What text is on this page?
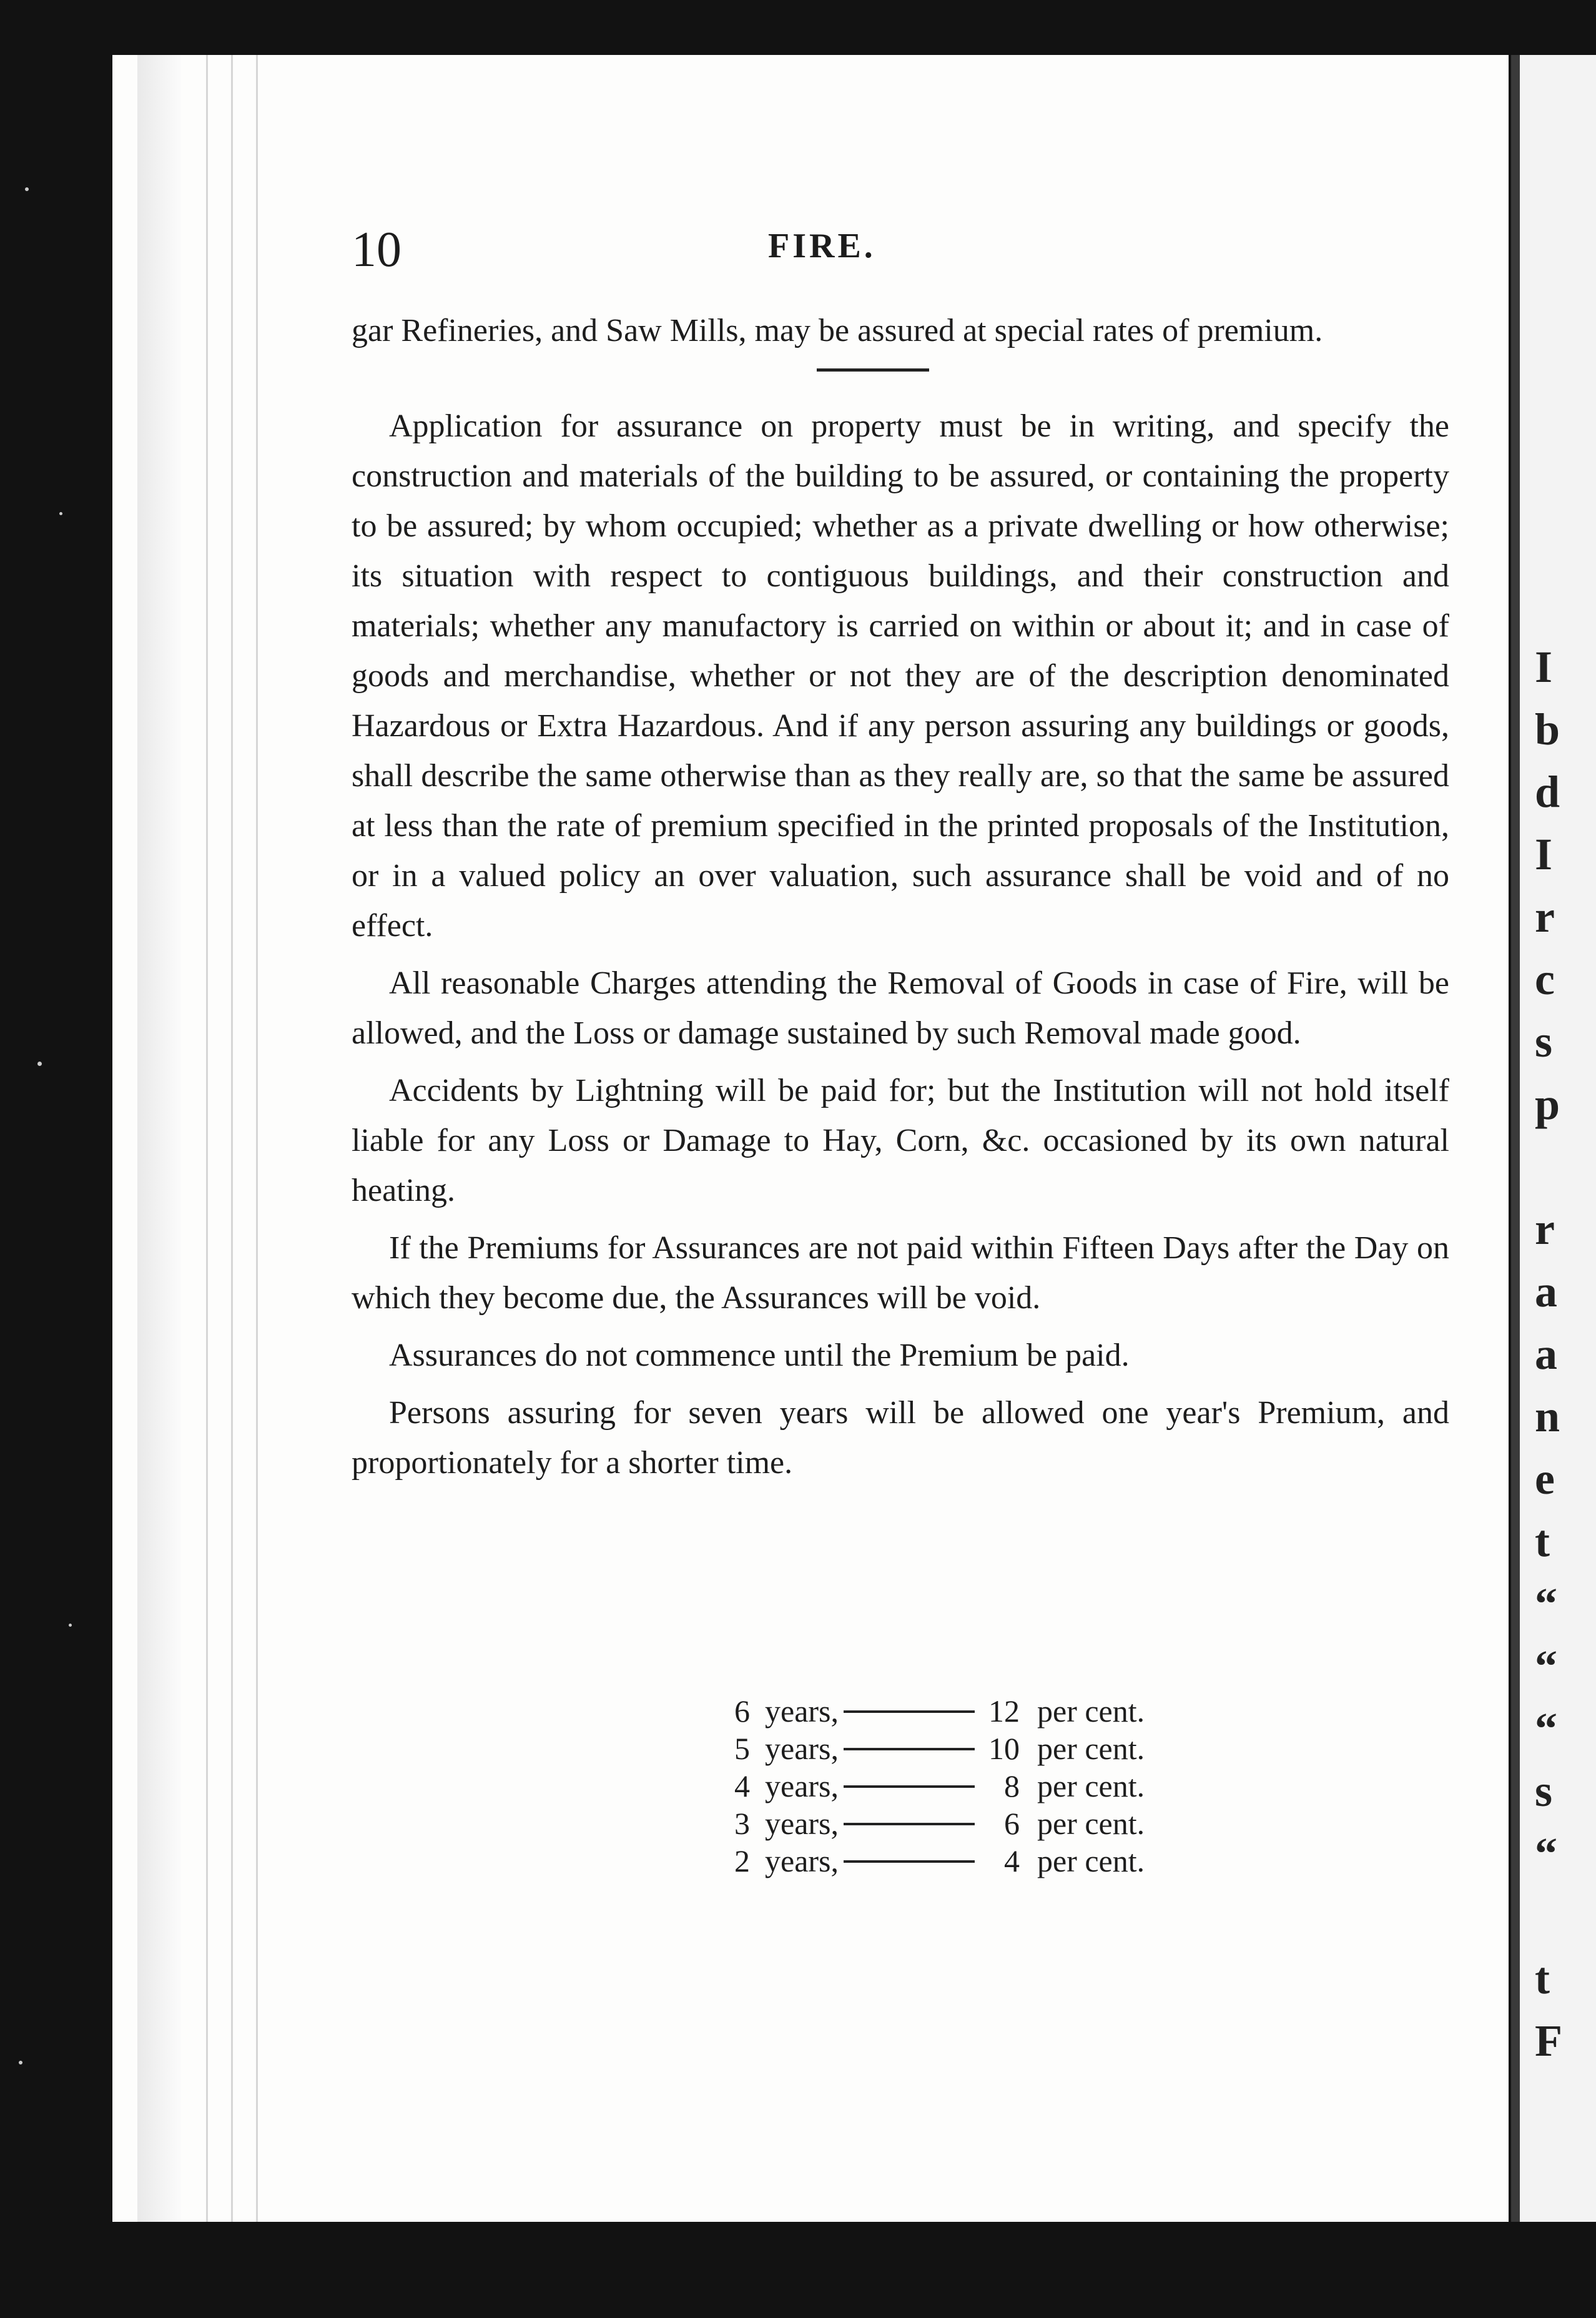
10	FIRE.

gar Refineries, and Saw Mills, may be assured at special rates of premium.

Application for assurance on property must be in writing, and specify the construction and materials of the building to be assured, or containing the property to be assured; by whom occupied; whether as a private dwelling or how otherwise; its situation with respect to contiguous buildings, and their construction and materials; whether any manufactory is carried on within or about it; and in case of goods and merchandise, whether or not they are of the description denominated Hazardous or Extra Hazardous. And if any person assuring any buildings or goods, shall describe the same otherwise than as they really are, so that the same be assured at less than the rate of premium specified in the printed proposals of the Institution, or in a valued policy an over valuation, such assurance shall be void and of no effect.

All reasonable Charges attending the Removal of Goods in case of Fire, will be allowed, and the Loss or damage sustained by such Removal made good.

Accidents by Lightning will be paid for; but the Institution will not hold itself liable for any Loss or Damage to Hay, Corn, &c. occasioned by its own natural heating.

If the Premiums for Assurances are not paid within Fifteen Days after the Day on which they become due, the Assurances will be void.

Assurances do not commence until the Premium be paid.

Persons assuring for seven years will be allowed one year's Premium, and proportionately for a shorter time.

6 years,	12 per cent.
5 years,	10 per cent.
4 years,	8 per cent.
3 years,	6 per cent.
2 years,	4 per cent.
I
b
d
I
r
c
s
p

r
a
a
n
e
t
“
“
“
s
“

t
F
